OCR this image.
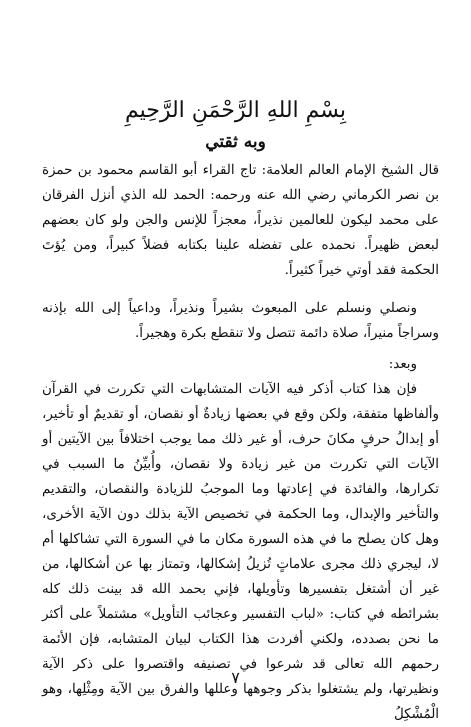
بِسْمِ اللهِ الرَّحْمَنِ الرَّحِيمِ
وبه ثقتي

قال الشيخ الإمام العالم العلامة: تاج القراء أبو القاسم محمود بن حمزة بن نصر الكرماني رضي الله عنه ورحمه: الحمد لله الذي أنزل الفرقان على محمد ليكون للعالمين نذيراً، معجزاً للإنس والجن ولو كان بعضهم لبعض ظهيراً. نحمده على تفضله علينا بكتابه فضلاً كبيراً، ومن يُؤتَ الحكمة فقد أوتي خيراً كثيراً.

ونصلي ونسلم على المبعوث بشيراً ونذيراً، وداعياً إلى الله بإذنه وسراجاً منيراً، صلاة دائمة تتصل ولا تنقطع بكرة وهجيراً.

وبعد:

فإن هذا كتاب أذكر فيه الآيات المتشابهات التي تكررت في القرآن وألفاظها متفقة، ولكن وقع في بعضها زيادةٌ أو نقصان، أو تقديمٌ أو تأخير، أو إبدالُ حرفٍ مكانَ حرف، أو غير ذلك مما يوجب اختلافاً بين الآيتين أو الآيات التي تكررت من غير زيادة ولا نقصان، وأُبيِّنُ ما السبب في تكرارها، والفائدة في إعادتها وما الموجبُ للزيادة والنقصان، والتقديم والتأخير والإبدال، وما الحكمة في تخصيص الآية بذلك دون الآية الأخرى، وهل كان يصلح ما في هذه السورة مكان ما في السورة التي تشاكلها أم لا، ليجري ذلك مجرى علاماتٍ تُزيلُ إشكالها، وتمتاز بها عن أشكالها، من غير أن أشتغل بتفسيرها وتأويلها، فإني بحمد الله قد بينت ذلك كله بشرائطه في كتاب: «لباب التفسير وعجائب التأويل» مشتملاً على أكثر ما نحن بصدده، ولكني أفردت هذا الكتاب لبيان المتشابه، فإن الأئمة رحمهم الله تعالى قد شرعوا في تصنيفه واقتصروا على ذكر الآية ونظيرتها، ولم يشتغلوا بذكر وجوهها وعللها والفرق بين الآية ومِثْلِها، وهو الْمُشْكِلُ

٧
